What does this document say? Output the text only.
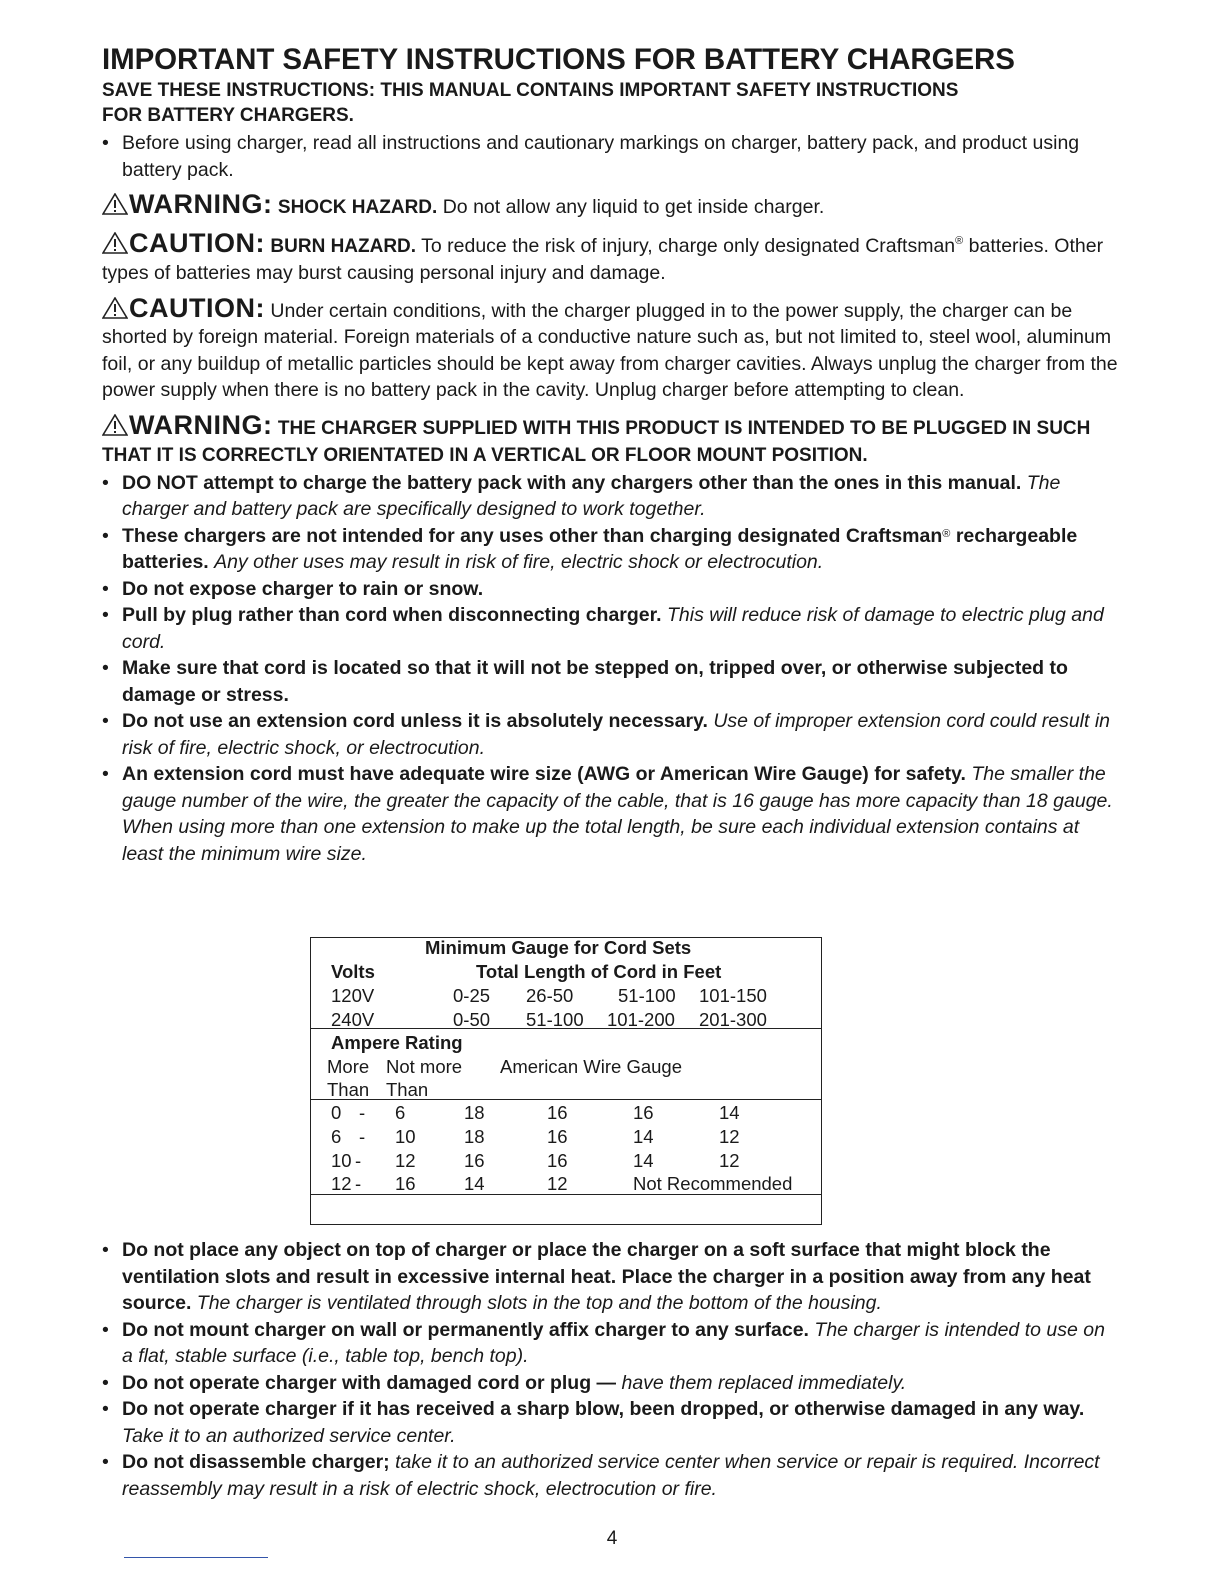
IMPORTANT SAFETY INSTRUCTIONS FOR BATTERY CHARGERS

SAVE THESE INSTRUCTIONS: THIS MANUAL CONTAINS IMPORTANT SAFETY INSTRUCTIONS FOR BATTERY CHARGERS.

• Before using charger, read all instructions and cautionary markings on charger, battery pack, and product using battery pack.

WARNING: SHOCK HAZARD. Do not allow any liquid to get inside charger.

CAUTION: BURN HAZARD. To reduce the risk of injury, charge only designated Craftsman® batteries. Other types of batteries may burst causing personal injury and damage.

CAUTION: Under certain conditions, with the charger plugged in to the power supply, the charger can be shorted by foreign material. Foreign materials of a conductive nature such as, but not limited to, steel wool, aluminum foil, or any buildup of metallic particles should be kept away from charger cavities. Always unplug the charger from the power supply when there is no battery pack in the cavity. Unplug charger before attempting to clean.

WARNING: THE CHARGER SUPPLIED WITH THIS PRODUCT IS INTENDED TO BE PLUGGED IN SUCH THAT IT IS CORRECTLY ORIENTATED IN A VERTICAL OR FLOOR MOUNT POSITION.

• DO NOT attempt to charge the battery pack with any chargers other than the ones in this manual. The charger and battery pack are specifically designed to work together.

• These chargers are not intended for any uses other than charging designated Craftsman® rechargeable batteries. Any other uses may result in risk of fire, electric shock or electrocution.

• Do not expose charger to rain or snow.

• Pull by plug rather than cord when disconnecting charger. This will reduce risk of damage to electric plug and cord.

• Make sure that cord is located so that it will not be stepped on, tripped over, or otherwise subjected to damage or stress.

• Do not use an extension cord unless it is absolutely necessary. Use of improper extension cord could result in risk of fire, electric shock, or electrocution.

• An extension cord must have adequate wire size (AWG or American Wire Gauge) for safety. The smaller the gauge number of the wire, the greater the capacity of the cable, that is 16 gauge has more capacity than 18 gauge. When using more than one extension to make up the total length, be sure each individual extension contains at least the minimum wire size.

Minimum Gauge for Cord Sets
Volts	Total Length of Cord in Feet
120V	0-25 26-50 51-100 101-150
240V	0-50 51-100 101-200 201-300
Ampere Rating
More Not more American Wire Gauge
Than Than
0 - 6	18	16	16	14
6 - 10	18	16	14	12
10 - 12	16	16	14	12
12 - 16	14	12	Not Recommended

• Do not place any object on top of charger or place the charger on a soft surface that might block the ventilation slots and result in excessive internal heat. Place the charger in a position away from any heat source. The charger is ventilated through slots in the top and the bottom of the housing.

• Do not mount charger on wall or permanently affix charger to any surface. The charger is intended to use on a flat, stable surface (i.e., table top, bench top).

• Do not operate charger with damaged cord or plug — have them replaced immediately.

• Do not operate charger if it has received a sharp blow, been dropped, or otherwise damaged in any way. Take it to an authorized service center.

• Do not disassemble charger; take it to an authorized service center when service or repair is required. Incorrect reassembly may result in a risk of electric shock, electrocution or fire.

4
